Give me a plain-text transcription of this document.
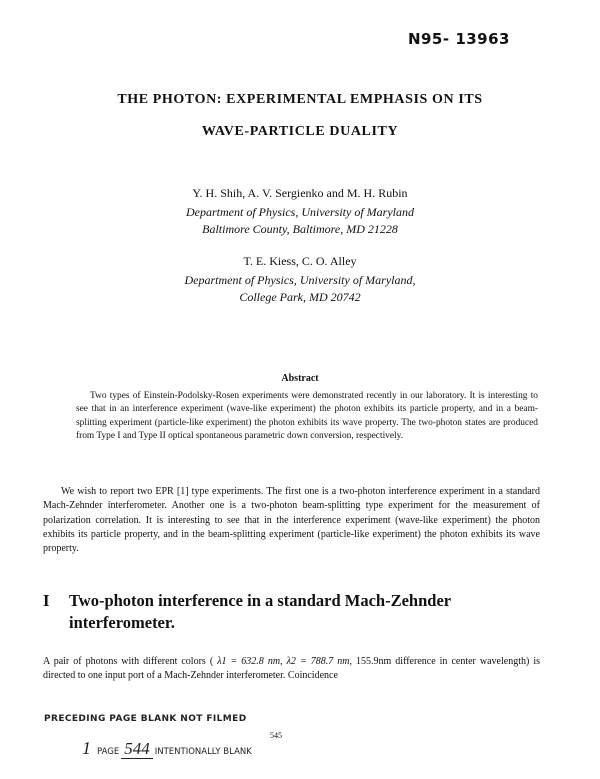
N95- 13963
THE PHOTON: EXPERIMENTAL EMPHASIS ON ITS
WAVE-PARTICLE DUALITY
Y. H. Shih, A. V. Sergienko and M. H. Rubin
Department of Physics, University of Maryland
Baltimore County, Baltimore, MD 21228
T. E. Kiess, C. O. Alley
Department of Physics, University of Maryland,
College Park, MD 20742
Abstract

Two types of Einstein-Podolsky-Rosen experiments were demonstrated recently in our laboratory. It is interesting to see that in an interference experiment (wave-like experiment) the photon exhibits its particle property, and in a beam-splitting experiment (particle-like experiment) the photon exhibits its wave property. The two-photon states are produced from Type I and Type II optical spontaneous parametric down conversion, respectively.

We wish to report two EPR [1] type experiments. The first one is a two-photon interference experiment in a standard Mach-Zehnder interferometer. Another one is a two-photon beam-splitting type experiment for the measurement of polarization correlation. It is interesting to see that in the interference experiment (wave-like experiment) the photon exhibits its particle property, and in the beam-splitting experiment (particle-like experiment) the photon exhibits its wave property.

I Two-photon interference in a standard Mach-Zehnder interferometer.

A pair of photons with different colors ( λ1 = 632.8 nm, λ2 = 788.7 nm, 155.9nm difference in center wavelength) is directed to one input port of a Mach-Zehnder interferometer. Coincidence

PRECEDING PAGE BLANK NOT FILMED
1 PAGE 544 INTENTIONALLY BLANK
545
